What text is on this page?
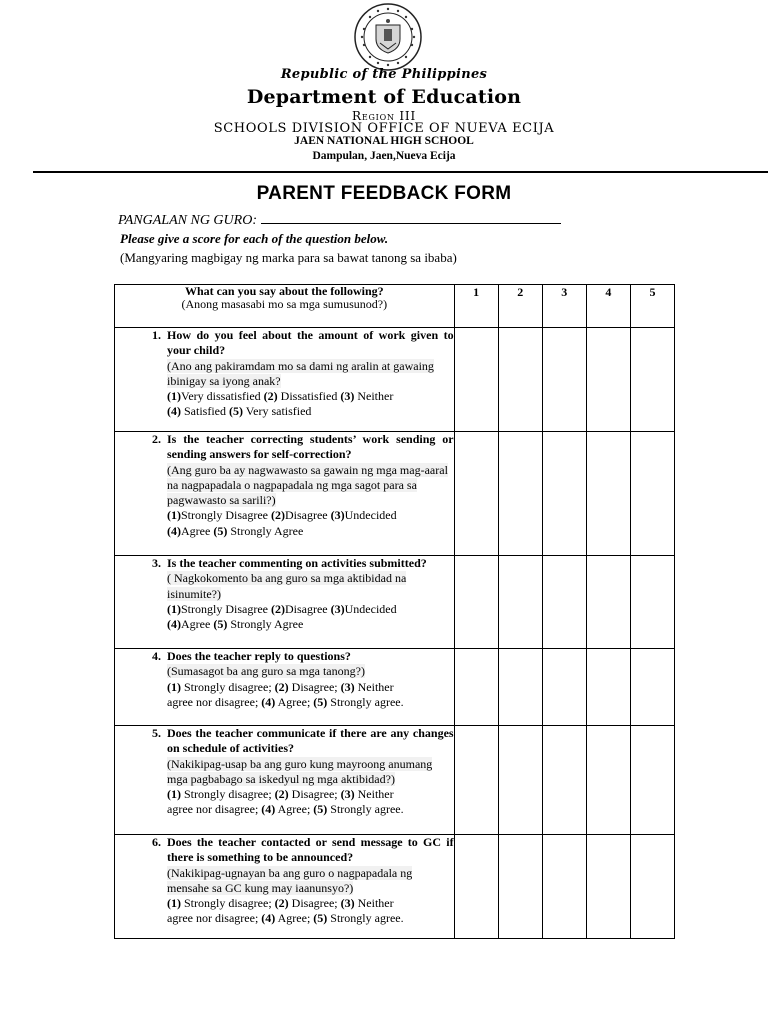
Republic of the Philippines
Department of Education
Region III
SCHOOLS DIVISION OFFICE OF NUEVA ECIJA
JAEN NATIONAL HIGH SCHOOL
Dampulan, Jaen,Nueva Ecija
PARENT FEEDBACK FORM
PANGALAN NG GURO:
Please give a score for each of the question below.
(Mangyaring magbigay ng marka para sa bawat tanong sa ibaba)
What can you say about the following?
(Anong masasabi mo sa mga sumusunod?)	1	2	3	4	5

1. How do you feel about the amount of work given to your child?
(Ano ang pakiramdam mo sa dami ng aralin at gawaing ibinigay sa iyong anak?
(1)Very dissatisfied (2) Dissatisfied (3) Neither
(4) Satisfied (5) Very satisfied					

2. Is the teacher correcting students’ work sending or sending answers for self-correction?
(Ang guro ba ay nagwawasto sa gawain ng mga mag-aaral na nagpapadala o nagpapadala ng mga sagot para sa pagwawasto sa sarili?)
(1)Strongly Disagree (2)Disagree (3)Undecided
(4)Agree (5) Strongly Agree					

3. Is the teacher commenting on activities submitted?
( Nagkokomento ba ang guro sa mga aktibidad na isinumite?)
(1)Strongly Disagree (2)Disagree (3)Undecided
(4)Agree (5) Strongly Agree					

4. Does the teacher reply to questions?
(Sumasagot ba ang guro sa mga tanong?)
(1) Strongly disagree; (2) Disagree; (3) Neither
agree nor disagree; (4) Agree; (5) Strongly agree.					

5. Does the teacher communicate if there are any changes on schedule of activities?
(Nakikipag-usap ba ang guro kung mayroong anumang mga pagbabago sa iskedyul ng mga aktibidad?)
(1) Strongly disagree; (2) Disagree; (3) Neither
agree nor disagree; (4) Agree; (5) Strongly agree.					

6. Does the teacher contacted or send message to GC if there is something to be announced?
(Nakikipag-ugnayan ba ang guro o nagpapadala ng mensahe sa GC kung may iaanunsyo?)
(1) Strongly disagree; (2) Disagree; (3) Neither
agree nor disagree; (4) Agree; (5) Strongly agree.					
